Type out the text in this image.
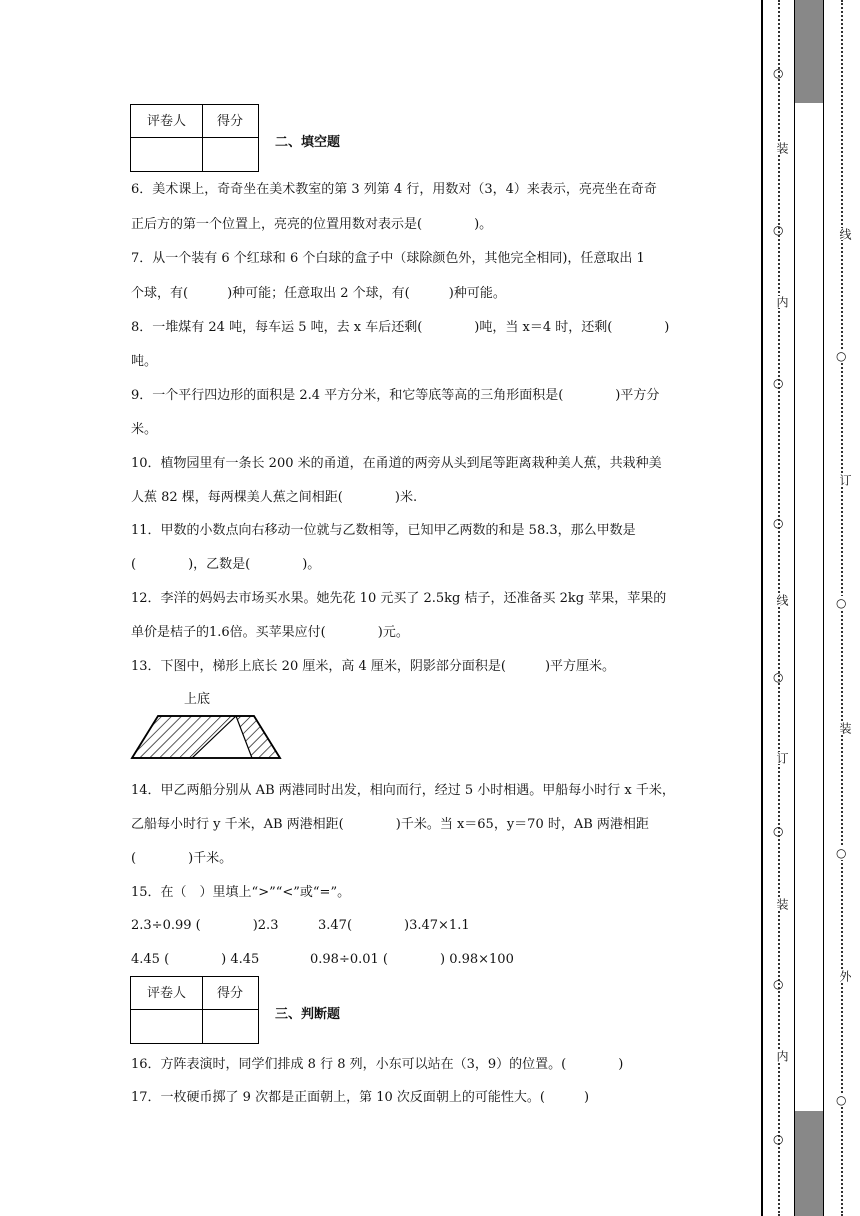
评卷人	得分
二、填空题
6．美术课上，奇奇坐在美术教室的第 3 列第 4 行，用数对（3，4）来表示，亮亮坐在奇奇
正后方的第一个位置上，亮亮的位置用数对表示是(　　　　)。
7．从一个装有 6 个红球和 6 个白球的盒子中（球除颜色外，其他完全相同)，任意取出 1
个球，有(　　　)种可能；任意取出 2 个球，有(　　　)种可能。
8．一堆煤有 24 吨，每车运 5 吨，去 x 车后还剩(　　　　)吨，当 x＝4 时，还剩(　　　　)
吨。
9．一个平行四边形的面积是 2.4 平方分米，和它等底等高的三角形面积是(　　　　)平方分
米。
10．植物园里有一条长 200 米的甬道，在甬道的两旁从头到尾等距离栽种美人蕉，共栽种美
人蕉 82 棵，每两棵美人蕉之间相距(　　　　)米.
11．甲数的小数点向右移动一位就与乙数相等，已知甲乙两数的和是 58.3，那么甲数是
(　　　　)，乙数是(　　　　)。
12．李洋的妈妈去市场买水果。她先花 10 元买了 2.5kg 桔子，还准备买 2kg 苹果，苹果的
单价是桔子的1.6倍。买苹果应付(　　　　)元。
13．下图中，梯形上底长 20 厘米，高 4 厘米，阴影部分面积是(　　　)平方厘米。
上底
14．甲乙两船分别从 AB 两港同时出发，相向而行，经过 5 小时相遇。甲船每小时行 x 千米，
乙船每小时行 y 千米，AB 两港相距(　　　　)千米。当 x＝65，y＝70 时，AB 两港相距
(　　　　)千米。
15．在（　）里填上“>”“<”或“=”。
2.3÷0.99 (　　　　)2.3	3.47(　　　　)3.47×1.1
4.45 (　　　　) 4.45	0.98÷0.01 (　　　　) 0.98×100
评卷人	得分
三、判断题
16．方阵表演时，同学们排成 8 行 8 列，小东可以站在（3，9）的位置。(　　　　)
17．一枚硬币掷了 9 次都是正面朝上，第 10 次反面朝上的可能性大。(　　　)
○
○
○
○
○
○
○
○
装
内
订
线
装
内
○
○
○
○
线
订
装
外
